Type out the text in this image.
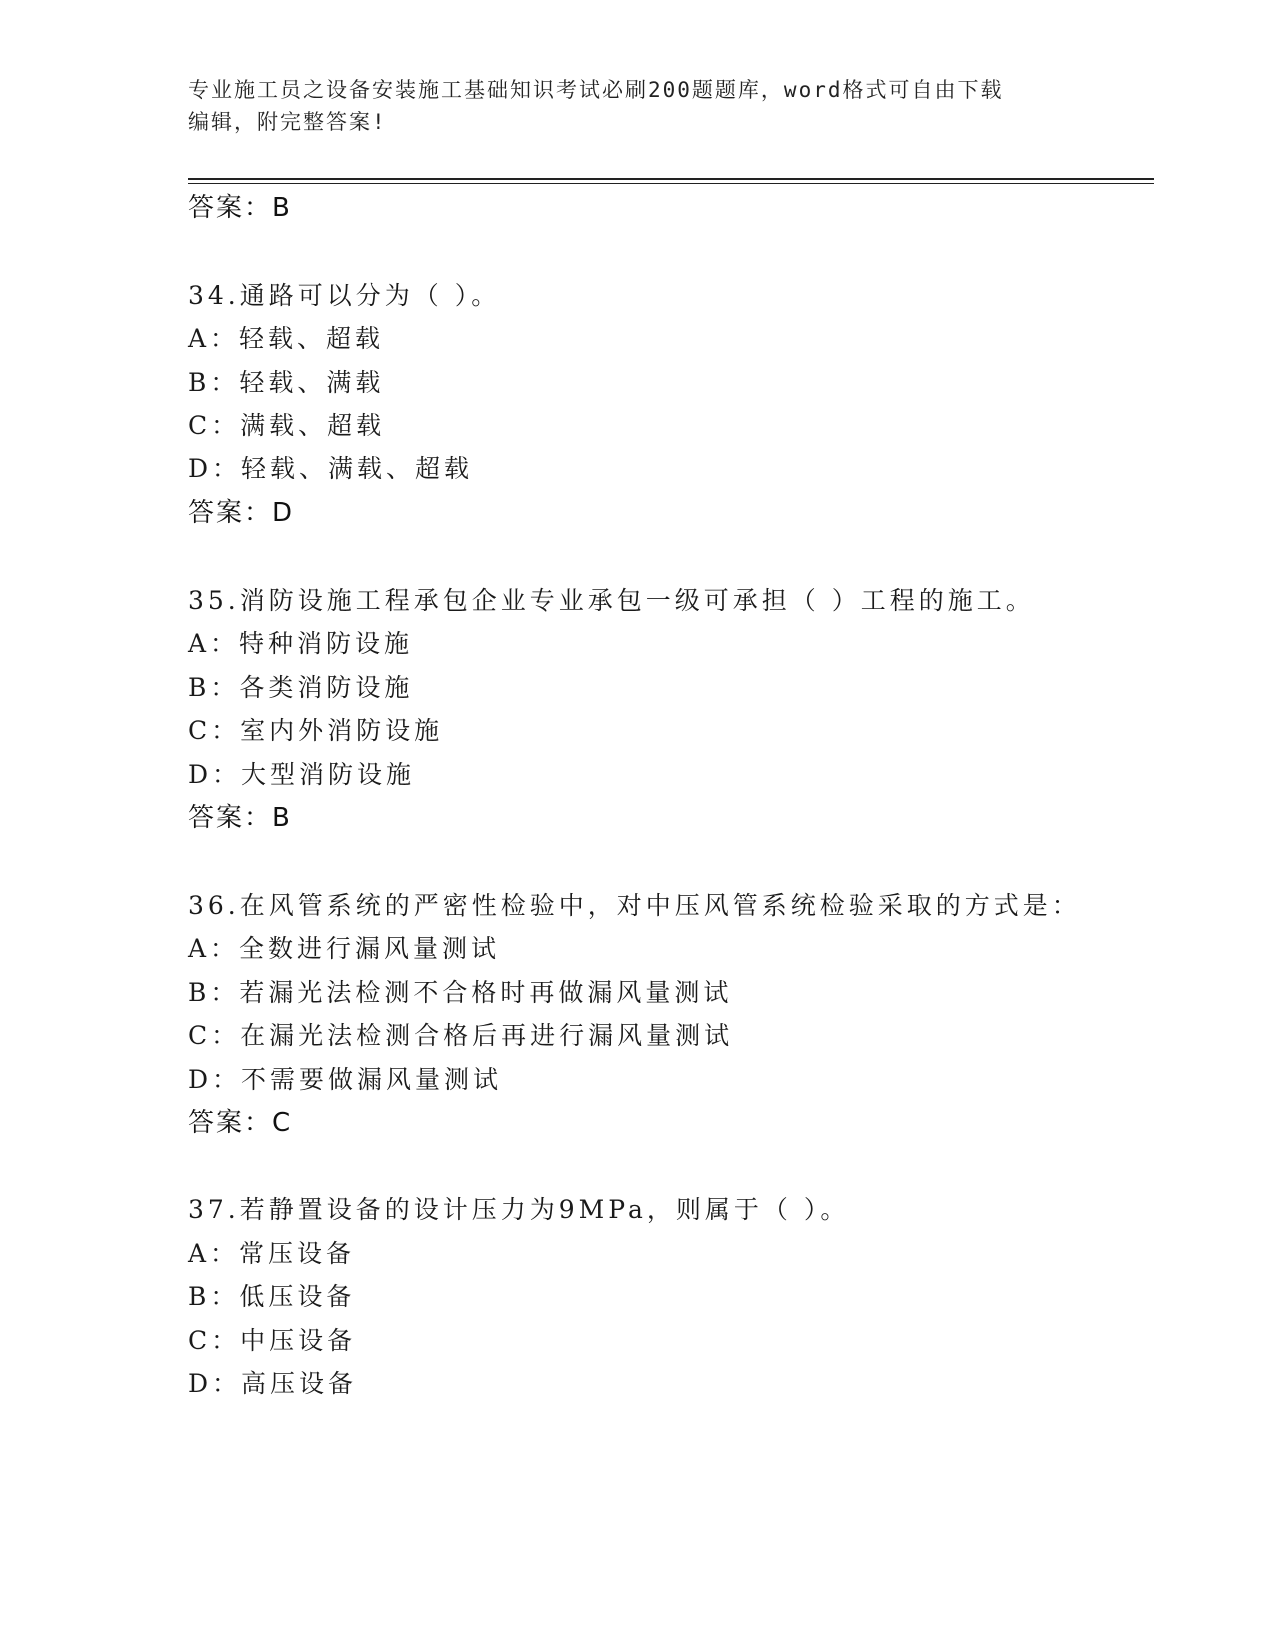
专业施工员之设备安装施工基础知识考试必刷200题题库，word格式可自由下载
编辑，附完整答案!
答案：B
34.通路可以分为（ ）。
A：轻载、超载
B：轻载、满载
C：满载、超载
D：轻载、满载、超载
答案：D
35.消防设施工程承包企业专业承包一级可承担（ ）工程的施工。
A：特种消防设施
B：各类消防设施
C：室内外消防设施
D：大型消防设施
答案：B
36.在风管系统的严密性检验中，对中压风管系统检验采取的方式是：
A：全数进行漏风量测试
B：若漏光法检测不合格时再做漏风量测试
C：在漏光法检测合格后再进行漏风量测试
D：不需要做漏风量测试
答案：C
37.若静置设备的设计压力为9MPa，则属于（ ）。
A：常压设备
B：低压设备
C：中压设备
D：高压设备
